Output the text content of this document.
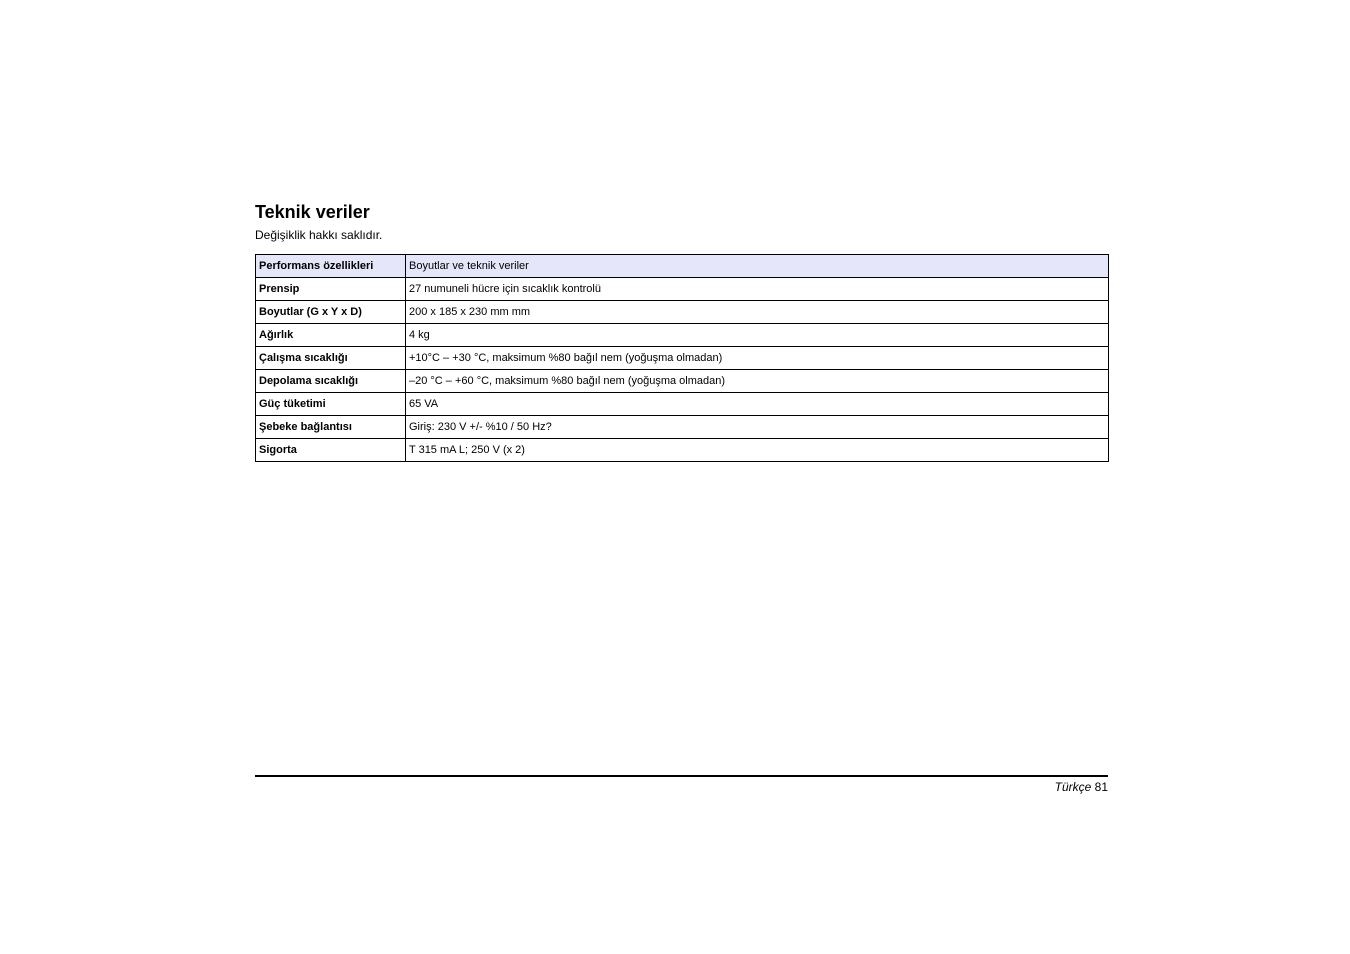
Teknik veriler

Değişiklik hakkı saklıdır.

Performans özellikleri	Boyutlar ve teknik veriler
Prensip	27 numuneli hücre için sıcaklık kontrolü
Boyutlar (G x Y x D)	200 x 185 x 230 mm mm
Ağırlık	4 kg
Çalışma sıcaklığı	+10°C – +30 °C, maksimum %80 bağıl nem (yoğuşma olmadan)
Depolama sıcaklığı	–20 °C – +60 °C, maksimum %80 bağıl nem (yoğuşma olmadan)
Güç tüketimi	65 VA
Şebeke bağlantısı	Giriş: 230 V +/- %10 / 50 Hz?
Sigorta	T 315 mA L; 250 V (x 2)
Türkçe 81
